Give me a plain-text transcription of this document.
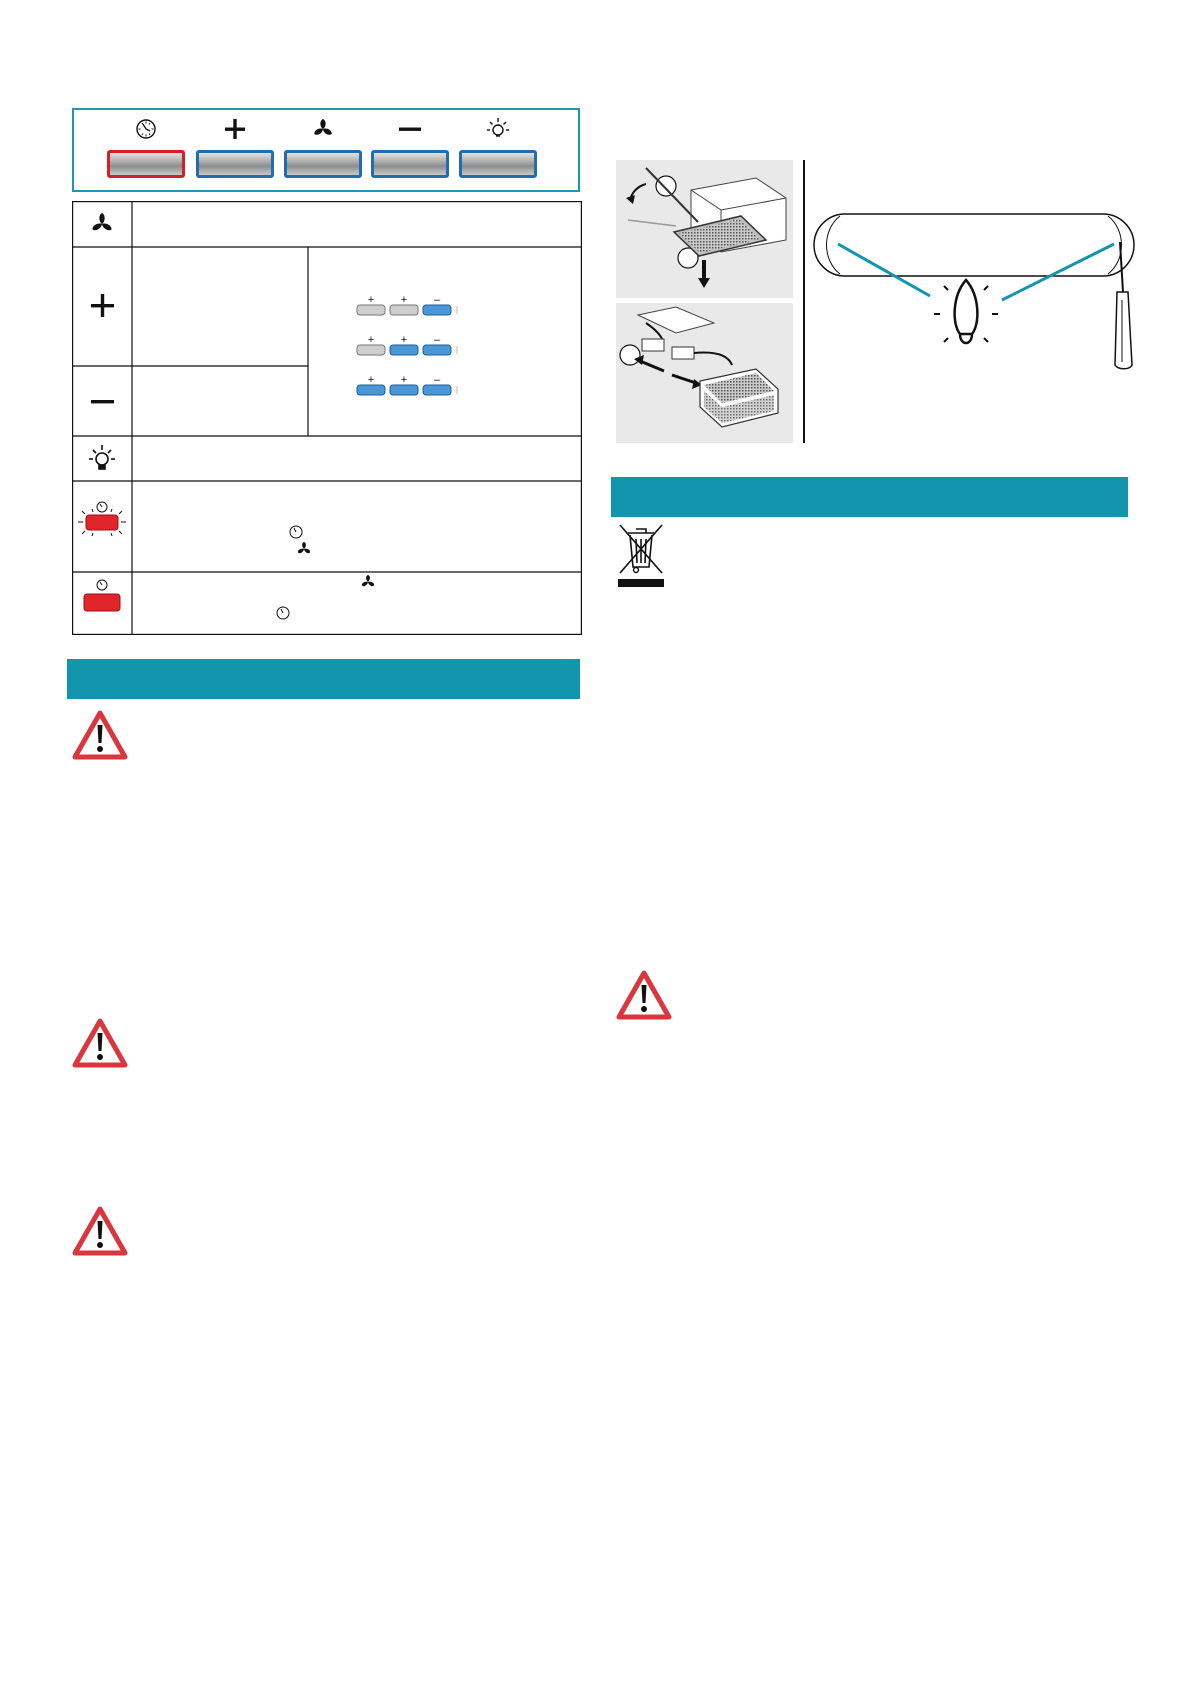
+ + –
+ + –
+ + –
